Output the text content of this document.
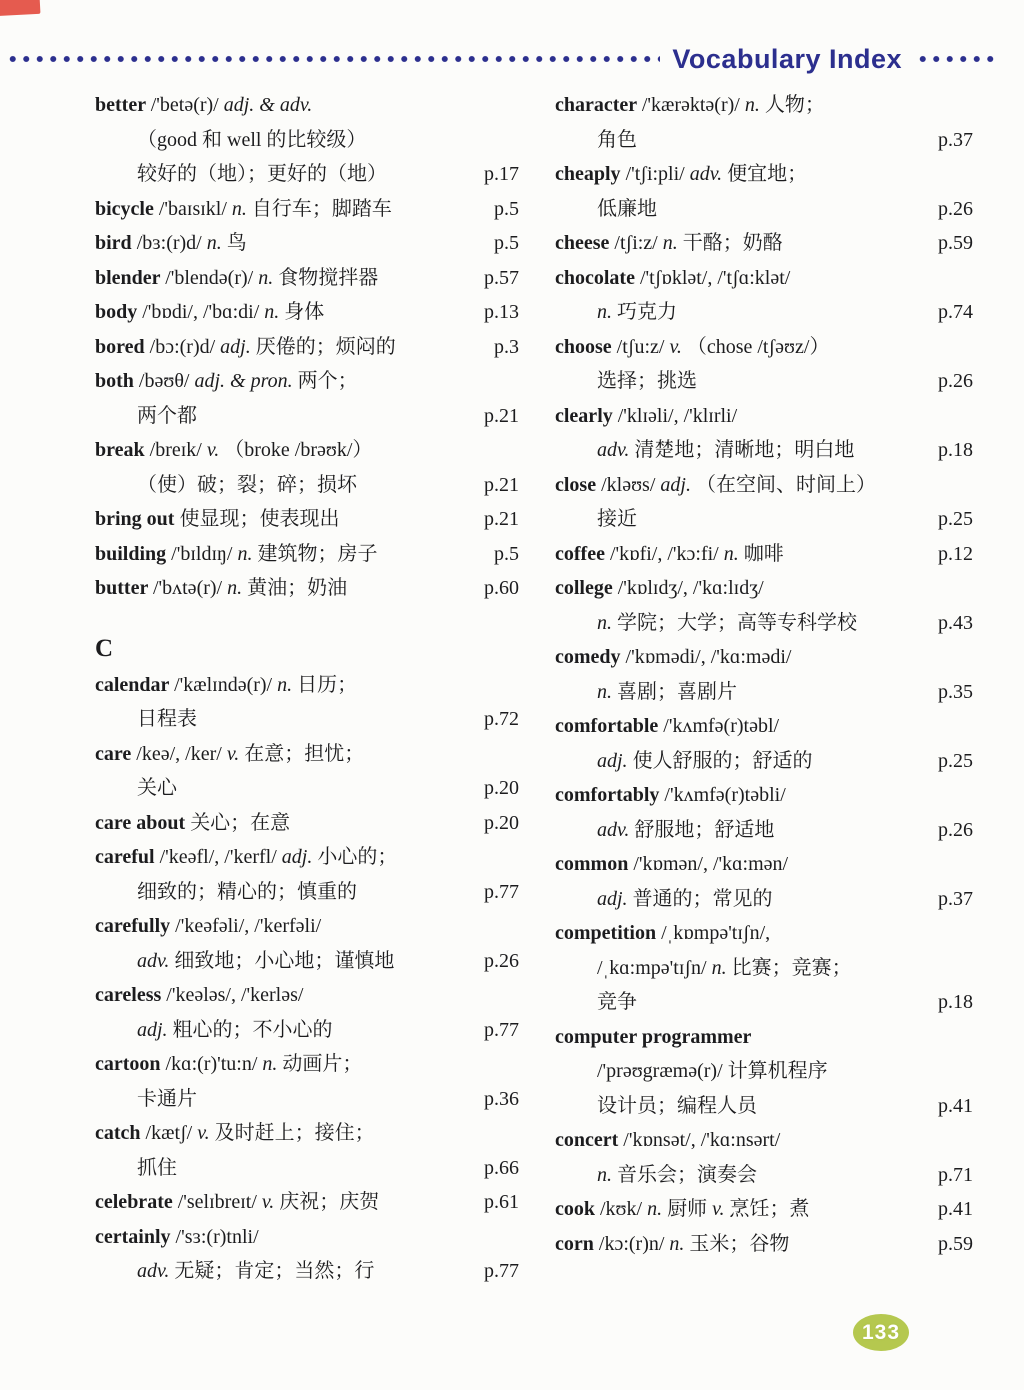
Vocabulary Index
better /'betə(r)/ adj. & adv.
（good 和 well 的比较级）
较好的（地）；更好的（地）	p.17
bicycle /'baɪsɪkl/ n. 自行车；脚踏车	p.5
bird /bɜ:(r)d/ n. 鸟	p.5
blender /'blendə(r)/ n. 食物搅拌器	p.57
body /'bɒdi/, /'bɑ:di/ n. 身体	p.13
bored /bɔ:(r)d/ adj. 厌倦的；烦闷的	p.3
both /bəʊθ/ adj. & pron. 两个；
两个都	p.21
break /breɪk/ v. （broke /brəʊk/）
（使）破；裂；碎；损坏	p.21
bring out 使显现；使表现出	p.21
building /'bɪldɪŋ/ n. 建筑物；房子	p.5
butter /'bʌtə(r)/ n. 黄油；奶油	p.60
C
calendar /'kælɪndə(r)/ n. 日历；
日程表	p.72
care /keə/, /ker/ v. 在意；担忧；
关心	p.20
care about 关心；在意	p.20
careful /'keəfl/, /'kerfl/ adj. 小心的；
细致的；精心的；慎重的	p.77
carefully /'keəfəli/, /'kerfəli/
adv. 细致地；小心地；谨慎地	p.26
careless /'keələs/, /'kerləs/
adj. 粗心的；不小心的	p.77
cartoon /kɑ:(r)'tu:n/ n. 动画片；
卡通片	p.36
catch /kætʃ/ v. 及时赶上；接住；
抓住	p.66
celebrate /'selɪbreɪt/ v. 庆祝；庆贺	p.61
certainly /'sɜ:(r)tnli/
adv. 无疑；肯定；当然；行	p.77
character /'kærəktə(r)/ n. 人物；
角色	p.37
cheaply /'tʃi:pli/ adv. 便宜地；
低廉地	p.26
cheese /tʃi:z/ n. 干酪；奶酪	p.59
chocolate /'tʃɒklət/, /'tʃɑ:klət/
n. 巧克力	p.74
choose /tʃu:z/ v. （chose /tʃəʊz/）
选择；挑选	p.26
clearly /'klɪəli/, /'klɪrli/
adv. 清楚地；清晰地；明白地	p.18
close /kləʊs/ adj. （在空间、时间上）
接近	p.25
coffee /'kɒfi/, /'kɔ:fi/ n. 咖啡	p.12
college /'kɒlɪdʒ/, /'kɑ:lɪdʒ/
n. 学院；大学；高等专科学校	p.43
comedy /'kɒmədi/, /'kɑ:mədi/
n. 喜剧；喜剧片	p.35
comfortable /'kʌmfə(r)təbl/
adj. 使人舒服的；舒适的	p.25
comfortably /'kʌmfə(r)təbli/
adv. 舒服地；舒适地	p.26
common /'kɒmən/, /'kɑ:mən/
adj. 普通的；常见的	p.37
competition /ˌkɒmpə'tɪʃn/,
/ˌkɑ:mpə'tɪʃn/ n. 比赛；竞赛；
竞争	p.18
computer programmer
/'prəʊgræmə(r)/ 计算机程序
设计员；编程人员	p.41
concert /'kɒnsət/, /'kɑ:nsərt/
n. 音乐会；演奏会	p.71
cook /kʊk/ n. 厨师 v. 烹饪；煮	p.41
corn /kɔ:(r)n/ n. 玉米；谷物	p.59
133
